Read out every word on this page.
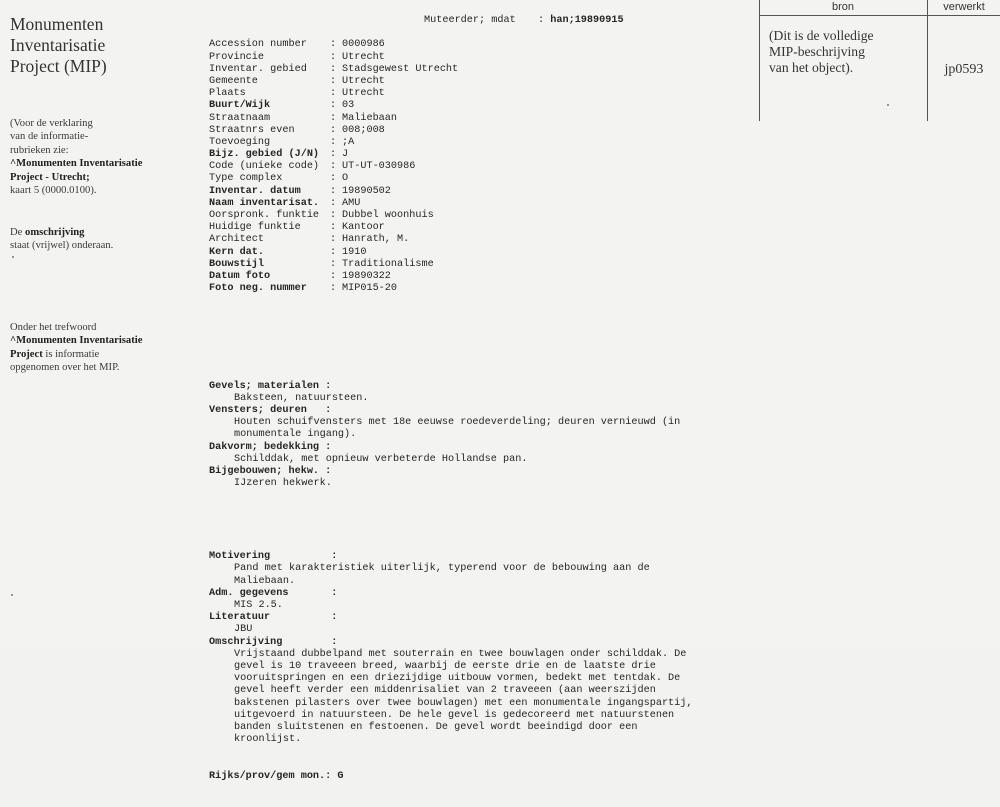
Monumenten
Inventarisatie
Project (MIP)

(Voor de verklaring

van de informatie-

rubrieken zie:

^Monumenten Inventarisatie

Project - Utrecht;

kaart 5 (0000.0100).

De omschrijving

staat (vrijwel) onderaan.

Onder het trefwoord

^Monumenten Inventarisatie

Project is informatie

opgenomen over het MIP.

Accession number : 0000986
Provincie	: Utrecht
Inventar. gebied : Stadsgewest Utrecht
Gemeente	: Utrecht
Plaats	: Utrecht
Buurt/Wijk	: 03
Straatnaam	: Maliebaan
Straatnrs even	: 008;008
Toevoeging	: ;A
Bijz. gebied (J/N) : J
Code (unieke code) : UT-UT-030986
Type complex	: O
Inventar. datum	: 19890502
Naam inventarisat. : AMU
Oorspronk. funktie : Dubbel woonhuis
Huidige funktie	: Kantoor
Architect	: Hanrath, M.
Kern dat.	: 1910
Bouwstijl	: Traditionalisme
Datum foto	: 19890322
Foto neg. nummer : MIP015-20

Muteerder; mdat : han;19890915

Gevels; materialen :
Baksteen, natuursteen.
Vensters; deuren   :
Houten schuifvensters met 18e eeuwse roedeverdeling; deuren vernieuwd (in
monumentale ingang).
Dakvorm; bedekking :
Schilddak, met opnieuw verbeterde Hollandse pan.
Bijgebouwen; hekw. :
IJzeren hekwerk.

Motivering          :
Pand met karakteristiek uiterlijk, typerend voor de bebouwing aan de
Maliebaan.
Adm. gegevens       :
MIS 2.5.
Literatuur          :
JBU
Omschrijving        :
Vrijstaand dubbelpand met souterrain en twee bouwlagen onder schilddak. De
gevel is 10 traveeen breed, waarbij de eerste drie en de laatste drie
vooruitspringen en een driezijdige uitbouw vormen, bedekt met tentdak. De
gevel heeft verder een middenrisaliet van 2 traveeen (aan weerszijden
bakstenen pilasters over twee bouwlagen) met een monumentale ingangspartij,
uitgevoerd in natuursteen. De hele gevel is gedecoreerd met natuurstenen
banden sluitstenen en festoenen. De gevel wordt beeindigd door een
kroonlijst.

Rijks/prov/gem mon.: G

bron	verwerkt
(Dit is de volledige
MIP-beschrijving
van het object).	jp0593
